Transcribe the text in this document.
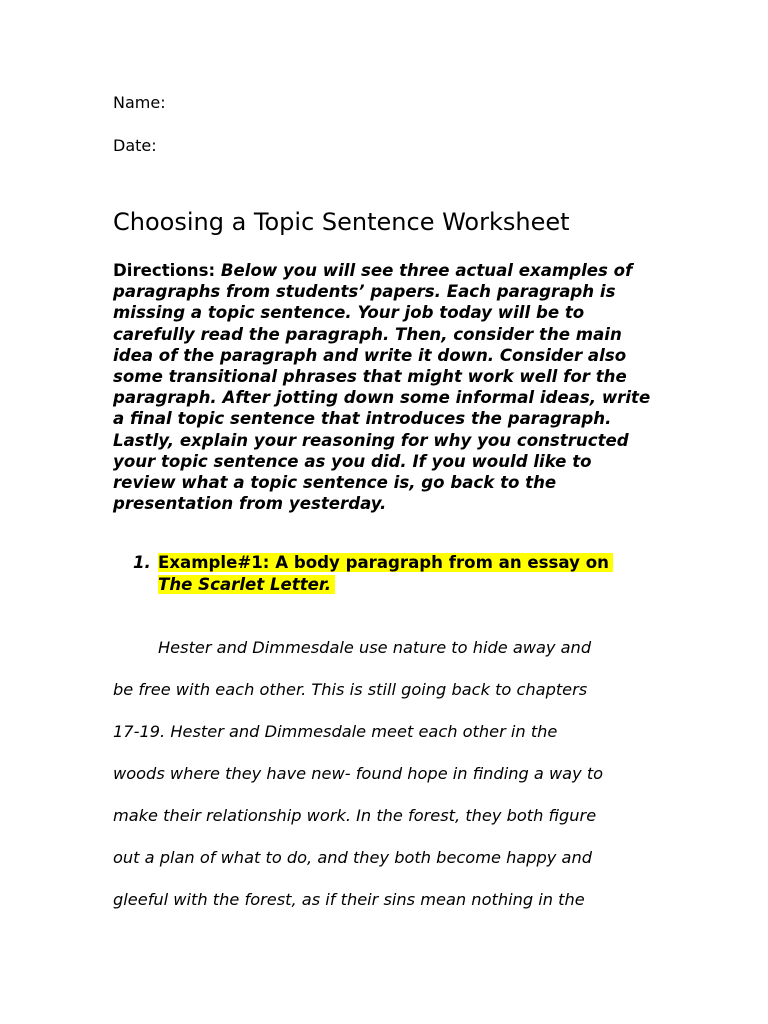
Name:
Date:
Choosing a Topic Sentence Worksheet

Directions: Below you will see three actual examples of paragraphs from students’ papers. Each paragraph is missing a topic sentence. Your job today will be to carefully read the paragraph. Then, consider the main idea of the paragraph and write it down. Consider also some transitional phrases that might work well for the paragraph. After jotting down some informal ideas, write a final topic sentence that introduces the paragraph. Lastly, explain your reasoning for why you constructed your topic sentence as you did. If you would like to review what a topic sentence is, go back to the presentation from yesterday.

1. Example#1: A body paragraph from an essay on
The Scarlet Letter.
Hester and Dimmesdale use nature to hide away and
be free with each other. This is still going back to chapters
17-19. Hester and Dimmesdale meet each other in the
woods where they have new- found hope in finding a way to
make their relationship work. In the forest, they both figure
out a plan of what to do, and they both become happy and
gleeful with the forest, as if their sins mean nothing in the
